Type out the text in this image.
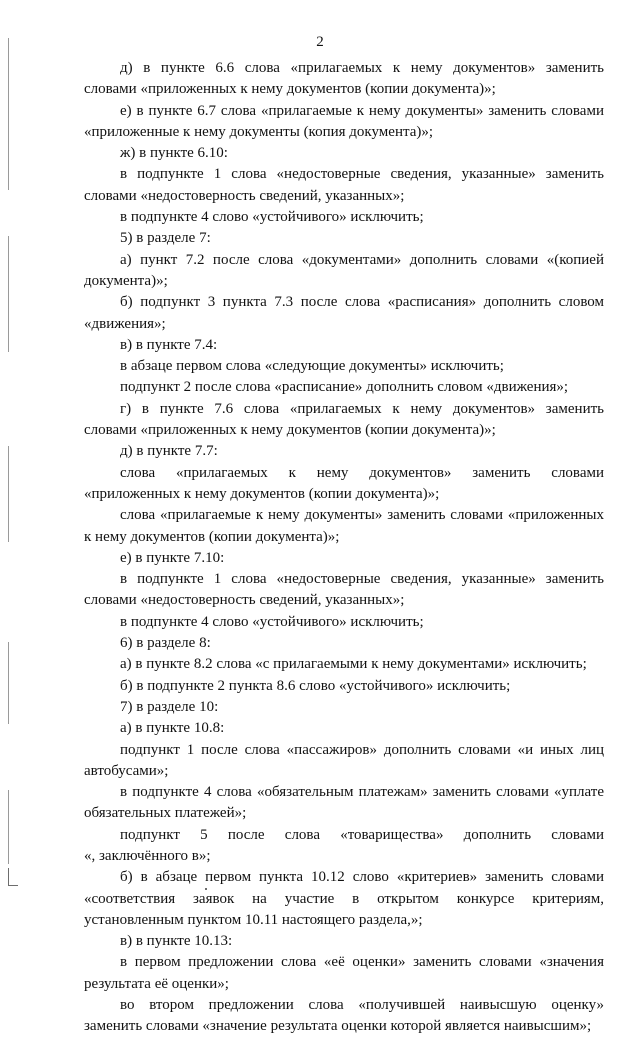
2
д) в пункте 6.6 слова «прилагаемых к нему документов» заменить
словами «приложенных к нему документов (копии документа)»;
е) в пункте 6.7 слова «прилагаемые к нему документы» заменить словами
«приложенные к нему документы (копия документа)»;
ж) в пункте 6.10:
в подпункте 1 слова «недостоверные сведения, указанные» заменить
словами «недостоверность сведений, указанных»;
в подпункте 4 слово «устойчивого» исключить;
5) в разделе 7:
а) пункт 7.2 после слова «документами» дополнить словами «(копией
документа)»;
б) подпункт 3 пункта 7.3 после слова «расписания» дополнить словом
«движения»;
в) в пункте 7.4:
в абзаце первом слова «следующие документы» исключить;
подпункт 2 после слова «расписание» дополнить словом «движения»;
г) в пункте 7.6 слова «прилагаемых к нему документов» заменить
словами «приложенных к нему документов (копии документа)»;
д) в пункте 7.7:
слова «прилагаемых к нему документов» заменить словами
«приложенных к нему документов (копии документа)»;
слова «прилагаемые к нему документы» заменить словами «приложенных
к нему документов (копии документа)»;
е) в пункте 7.10:
в подпункте 1 слова «недостоверные сведения, указанные» заменить
словами «недостоверность сведений, указанных»;
в подпункте 4 слово «устойчивого» исключить;
6) в разделе 8:
а) в пункте 8.2 слова «с прилагаемыми к нему документами» исключить;
б) в подпункте 2 пункта 8.6 слово «устойчивого» исключить;
7) в разделе 10:
а) в пункте 10.8:
подпункт 1 после слова «пассажиров» дополнить словами «и иных лиц
автобусами»;
в подпункте 4 слова «обязательным платежам» заменить словами «уплате
обязательных платежей»;
подпункт 5 после слова «товарищества» дополнить словами
«, заключённого в»;
б) в абзаце первом пункта 10.12 слово «критериев» заменить словами
«соответствия заявок на участие в открытом конкурсе критериям,
установленным пунктом 10.11 настоящего раздела,»;
в) в пункте 10.13:
в первом предложении слова «её оценки» заменить словами «значения
результата её оценки»;
во втором предложении слова «получившей наивысшую оценку»
заменить словами «значение результата оценки которой является наивысшим»;
